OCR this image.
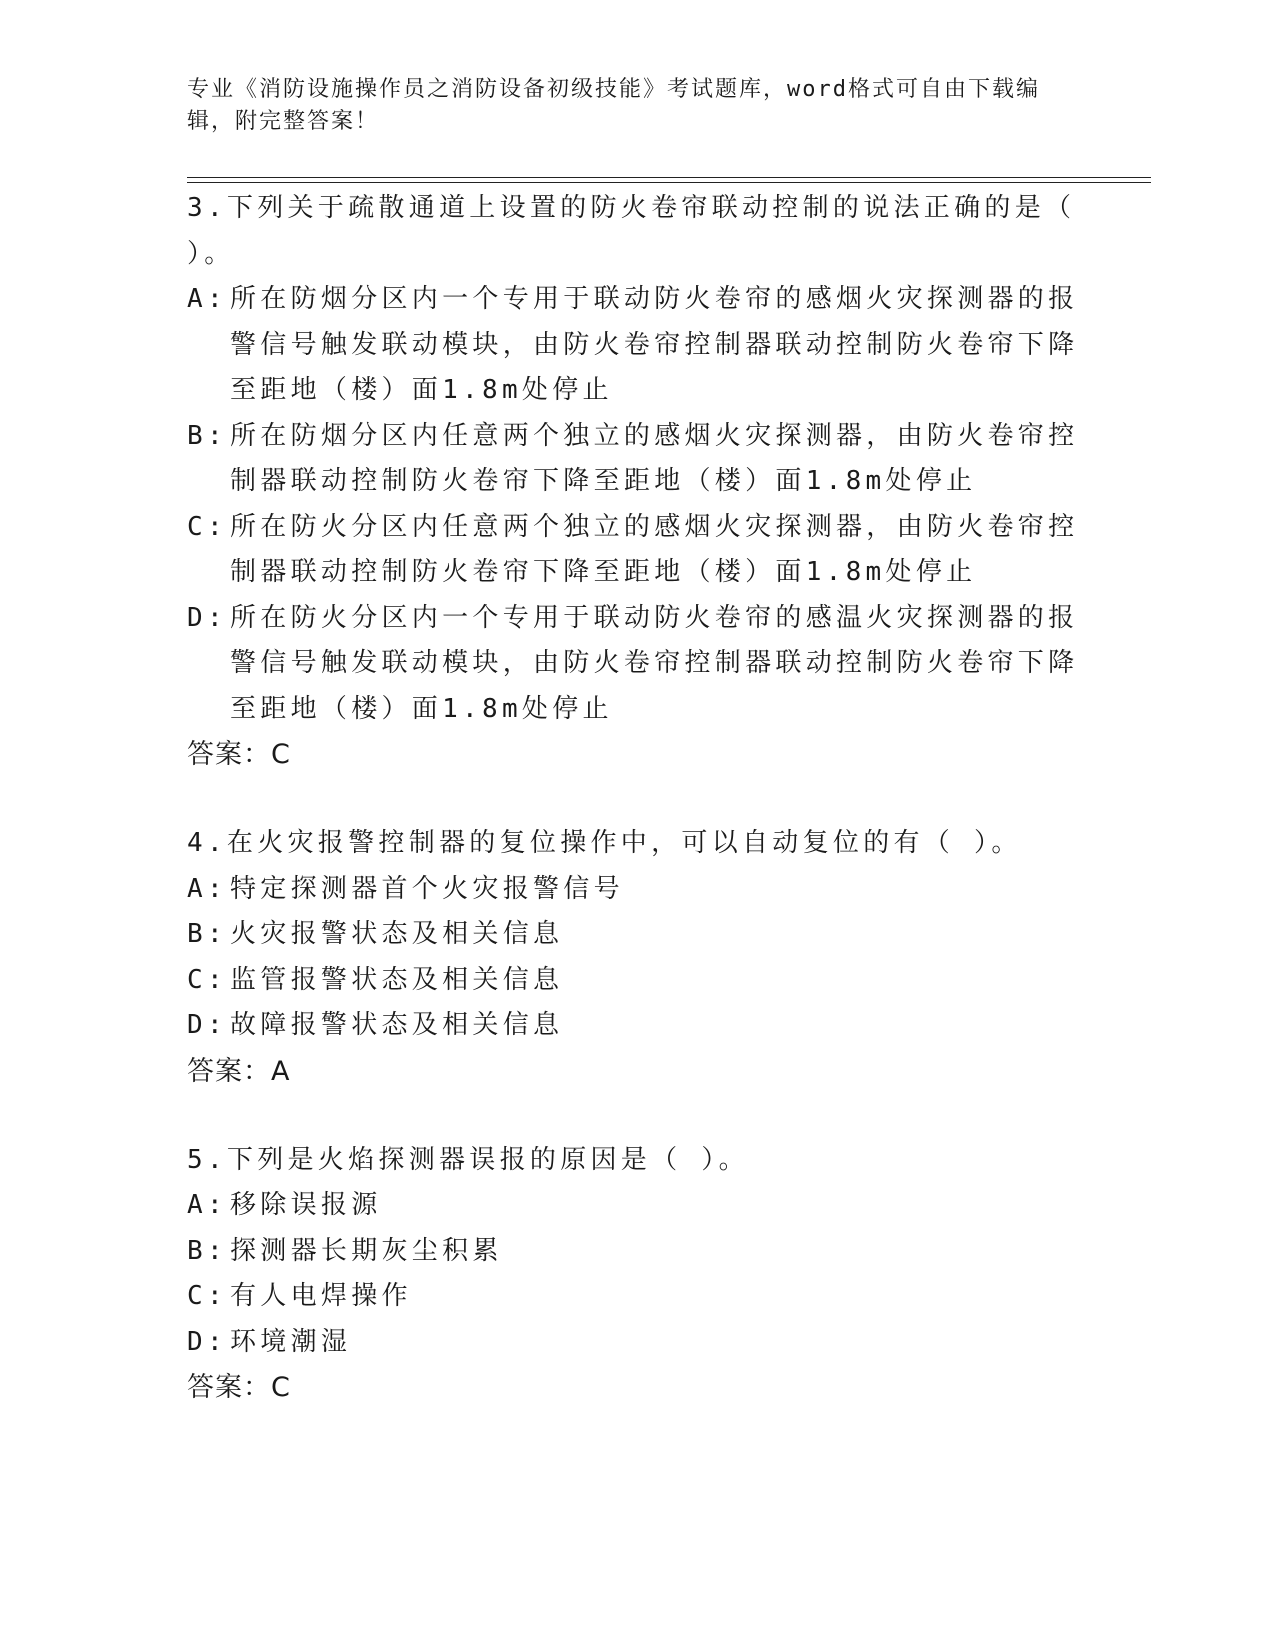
专业《消防设施操作员之消防设备初级技能》考试题库，word格式可自由下载编辑，附完整答案！
3.下列关于疏散通道上设置的防火卷帘联动控制的说法正确的是（ ）。
A: 所在防烟分区内一个专用于联动防火卷帘的感烟火灾探测器的报警信号触发联动模块，由防火卷帘控制器联动控制防火卷帘下降至距地（楼）面1.8m处停止
B: 所在防烟分区内任意两个独立的感烟火灾探测器，由防火卷帘控制器联动控制防火卷帘下降至距地（楼）面1.8m处停止
C: 所在防火分区内任意两个独立的感烟火灾探测器，由防火卷帘控制器联动控制防火卷帘下降至距地（楼）面1.8m处停止
D: 所在防火分区内一个专用于联动防火卷帘的感温火灾探测器的报警信号触发联动模块，由防火卷帘控制器联动控制防火卷帘下降至距地（楼）面1.8m处停止
答案：C
4.在火灾报警控制器的复位操作中，可以自动复位的有（ ）。
A: 特定探测器首个火灾报警信号
B: 火灾报警状态及相关信息
C: 监管报警状态及相关信息
D: 故障报警状态及相关信息
答案：A
5.下列是火焰探测器误报的原因是（ ）。
A: 移除误报源
B: 探测器长期灰尘积累
C: 有人电焊操作
D: 环境潮湿
答案：C
